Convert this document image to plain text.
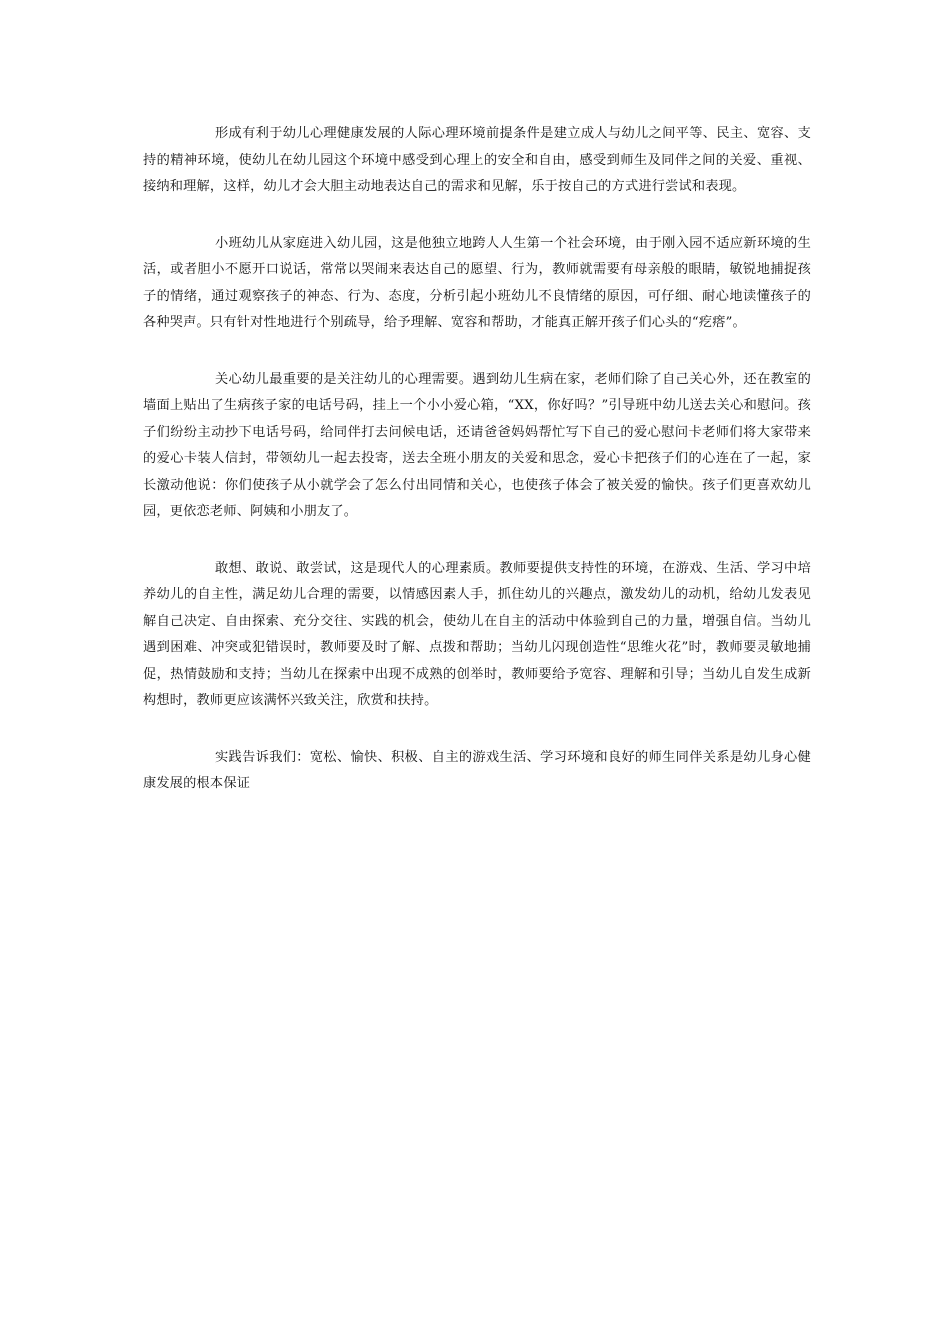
形成有利于幼儿心理健康发展的人际心理环境前提条件是建立成人与幼儿之间平等、民主、宽容、支持的精神环境，使幼儿在幼儿园这个环境中感受到心理上的安全和自由，感受到师生及同伴之间的关爱、重视、接纳和理解，这样，幼儿才会大胆主动地表达自己的需求和见解，乐于按自己的方式进行尝试和表现。

小班幼儿从家庭进入幼儿园，这是他独立地跨人人生第一个社会环境，由于刚入园不适应新环境的生活，或者胆小不愿开口说话，常常以哭闹来表达自己的愿望、行为，教师就需要有母亲般的眼睛，敏锐地捕捉孩子的情绪，通过观察孩子的神态、行为、态度，分析引起小班幼儿不良情绪的原因，可仔细、耐心地读懂孩子的各种哭声。只有针对性地进行个别疏导，给予理解、宽容和帮助，才能真正解开孩子们心头的“疙瘩”。

关心幼儿最重要的是关注幼儿的心理需要。遇到幼儿生病在家，老师们除了自己关心外，还在教室的墙面上贴出了生病孩子家的电话号码，挂上一个小小爱心箱，“XX，你好吗？”引导班中幼儿送去关心和慰问。孩子们纷纷主动抄下电话号码，给同伴打去问候电话，还请爸爸妈妈帮忙写下自己的爱心慰问卡老师们将大家带来的爱心卡装人信封，带领幼儿一起去投寄，送去全班小朋友的关爱和思念，爱心卡把孩子们的心连在了一起，家长激动他说：你们使孩子从小就学会了怎么付出同情和关心，也使孩子体会了被关爱的愉快。孩子们更喜欢幼儿园，更依恋老师、阿姨和小朋友了。

敢想、敢说、敢尝试，这是现代人的心理素质。教师要提供支持性的环境，在游戏、生活、学习中培养幼儿的自主性，满足幼儿合理的需要，以情感因素人手，抓住幼儿的兴趣点，激发幼儿的动机，给幼儿发表见解自己决定、自由探索、充分交往、实践的机会，使幼儿在自主的活动中体验到自己的力量，增强自信。当幼儿遇到困难、冲突或犯错误时，教师要及时了解、点拨和帮助；当幼儿闪现创造性“思维火花”时，教师要灵敏地捕促，热情鼓励和支持；当幼儿在探索中出现不成熟的创举时，教师要给予宽容、理解和引导；当幼儿自发生成新构想时，教师更应该满怀兴致关注，欣赏和扶持。

实践告诉我们：宽松、愉快、积极、自主的游戏生活、学习环境和良好的师生同伴关系是幼儿身心健康发展的根本保证
